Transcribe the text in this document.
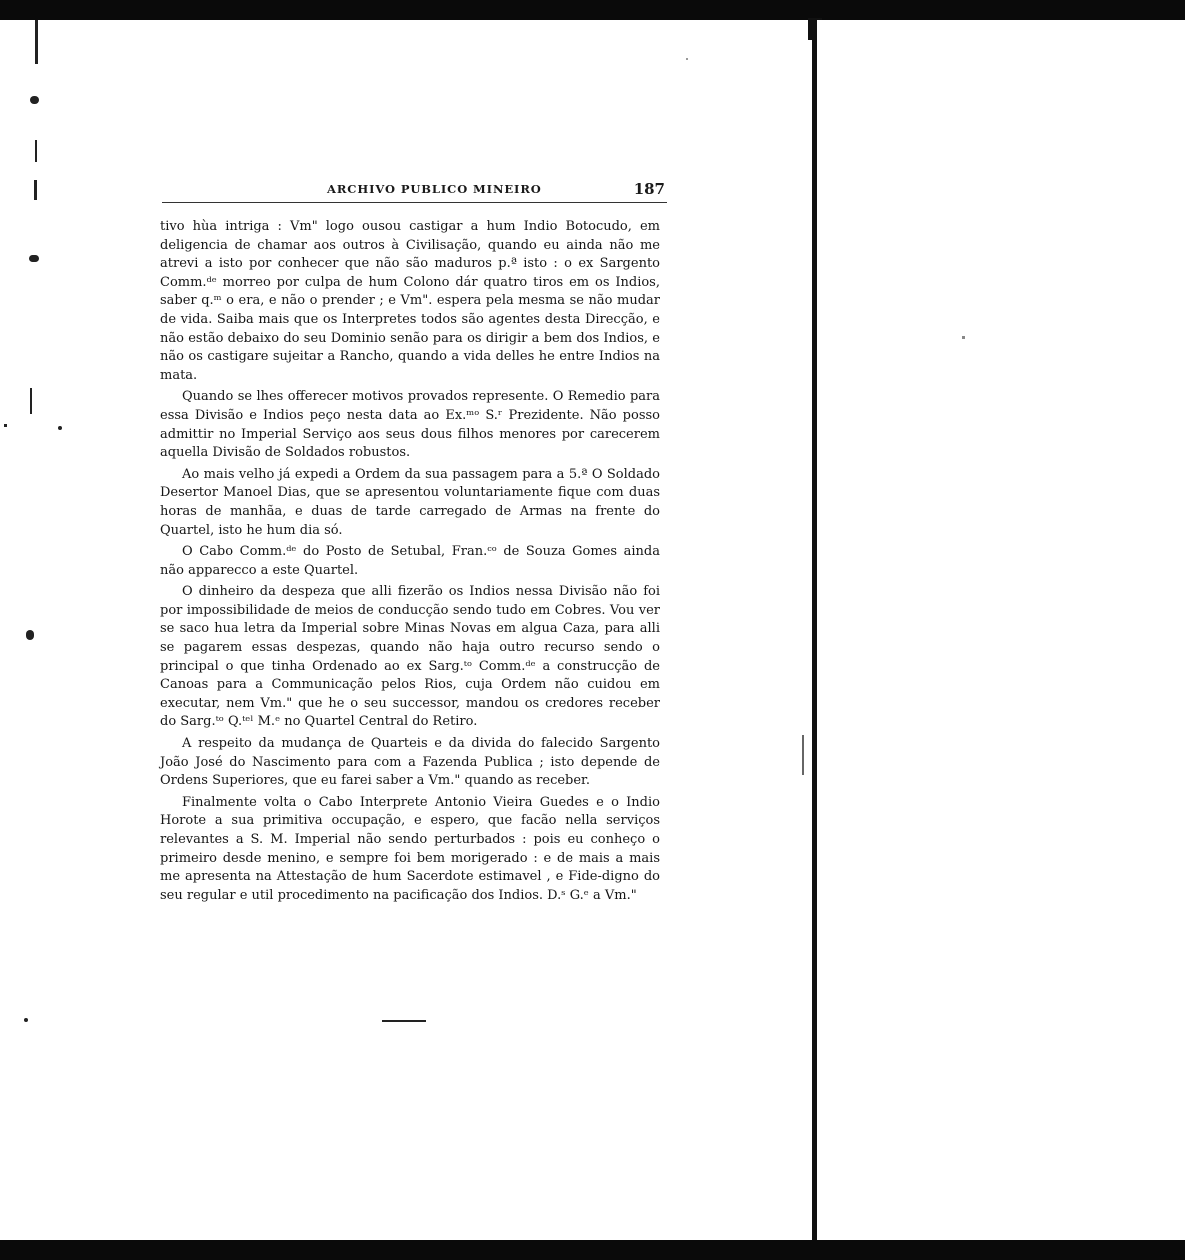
ARCHIVO PUBLICO MINEIRO	187

tivo hùa intriga : Vm" logo ousou castigar a hum Indio Botocudo, em deligencia de chamar aos outros à Civilisação, quando eu ainda não me atrevi a isto por conhecer que não são maduros p.ª isto : o ex Sargento Comm.ᵈᵉ morreo por culpa de hum Colono dár quatro tiros em os Indios, saber q.ᵐ o era, e não o prender ; e Vm". espera pela mesma se não mudar de vida. Saiba mais que os Interpretes todos são agentes desta Direcção, e não estão debaixo do seu Dominio senão para os dirigir a bem dos Indios, e não os castigare sujeitar a Rancho, quando a vida delles he entre Indios na mata.

Quando se lhes offerecer motivos provados represente. O Remedio para essa Divisão e Indios peço nesta data ao Ex.ᵐᵒ S.ʳ Prezidente. Não posso admittir no Imperial Serviço aos seus dous filhos menores por carecerem aquella Divisão de Soldados robustos.

Ao mais velho já expedi a Ordem da sua passagem para a 5.ª O Soldado Desertor Manoel Dias, que se apresentou voluntariamente fique com duas horas de manhãa, e duas de tarde carregado de Armas na frente do Quartel, isto he hum dia só.

O Cabo Comm.ᵈᵉ do Posto de Setubal, Fran.ᶜᵒ de Souza Gomes ainda não apparecco a este Quartel.

O dinheiro da despeza que alli fizerão os Indios nessa Divisão não foi por impossibilidade de meios de conducção sendo tudo em Cobres. Vou ver se saco hua letra da Imperial sobre Minas Novas em algua Caza, para alli se pagarem essas despezas, quando não haja outro recurso sendo o principal o que tinha Ordenado ao ex Sarg.ᵗᵒ Comm.ᵈᵉ a construcção de Canoas para a Communicação pelos Rios, cuja Ordem não cuidou em executar, nem Vm." que he o seu successor, mandou os credores receber do Sarg.ᵗᵒ Q.ᵗᵉˡ M.ᵉ no Quartel Central do Retiro.

A respeito da mudança de Quarteis e da divida do falecido Sargento João José do Nascimento para com a Fazenda Publica ; isto depende de Ordens Superiores, que eu farei saber a Vm." quando as receber.

Finalmente volta o Cabo Interprete Antonio Vieira Guedes e o Indio Horote a sua primitiva occupação, e espero, que facão nella serviços relevantes a S. M. Imperial não sendo perturbados : pois eu conheço o primeiro desde menino, e sempre foi bem morigerado : e de mais a mais me apresenta na Attestação de hum Sacerdote estimavel , e Fide-digno do seu regular e util procedimento na pacificação dos Indios. D.ˢ G.ᵉ a Vm."
